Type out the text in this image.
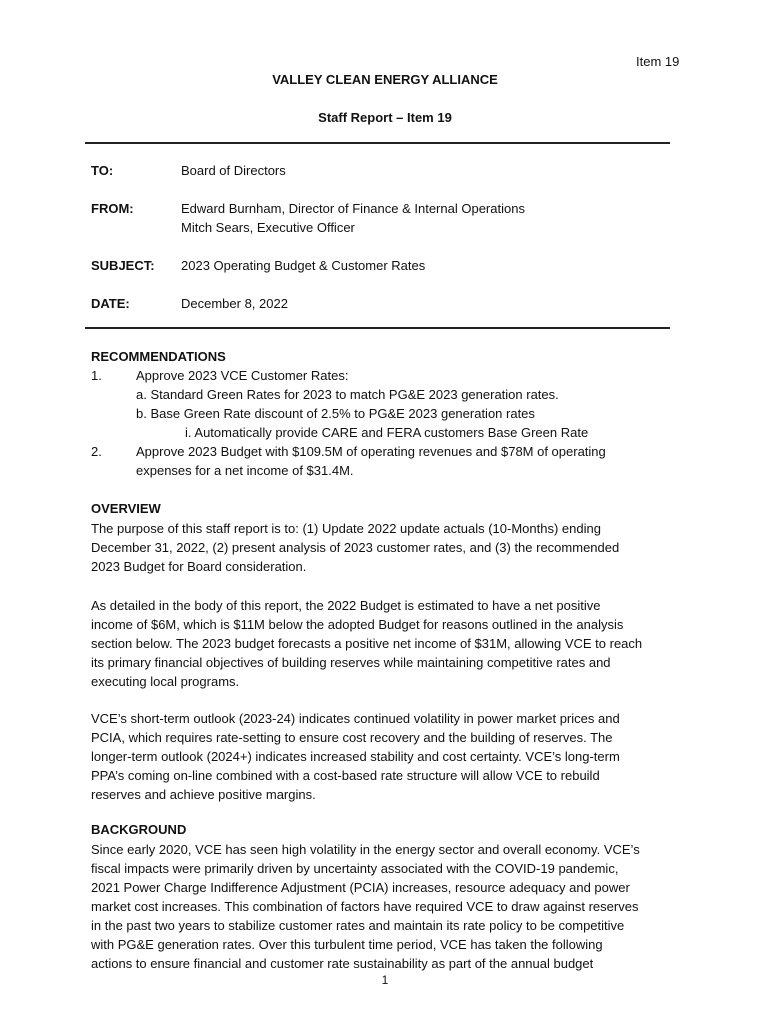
Item 19
VALLEY CLEAN ENERGY ALLIANCE
Staff Report – Item 19
TO:	Board of Directors
FROM:	Edward Burnham, Director of Finance & Internal Operations
Mitch Sears, Executive Officer
SUBJECT: 2023 Operating Budget & Customer Rates
DATE:	December 8, 2022
RECOMMENDATIONS
1.	Approve 2023 VCE Customer Rates:
a. Standard Green Rates for 2023 to match PG&E 2023 generation rates.
b. Base Green Rate discount of 2.5% to PG&E 2023 generation rates
i. Automatically provide CARE and FERA customers Base Green Rate
2.	Approve 2023 Budget with $109.5M of operating revenues and $78M of operating
expenses for a net income of $31.4M.
OVERVIEW
The purpose of this staff report is to: (1) Update 2022 update actuals (10-Months) ending
December 31, 2022, (2) present analysis of 2023 customer rates, and (3) the recommended
2023 Budget for Board consideration.
As detailed in the body of this report, the 2022 Budget is estimated to have a net positive
income of $6M, which is $11M below the adopted Budget for reasons outlined in the analysis
section below. The 2023 budget forecasts a positive net income of $31M, allowing VCE to reach
its primary financial objectives of building reserves while maintaining competitive rates and
executing local programs.
VCE’s short-term outlook (2023-24) indicates continued volatility in power market prices and
PCIA, which requires rate-setting to ensure cost recovery and the building of reserves. The
longer-term outlook (2024+) indicates increased stability and cost certainty. VCE’s long-term
PPA’s coming on-line combined with a cost-based rate structure will allow VCE to rebuild
reserves and achieve positive margins.
BACKGROUND
Since early 2020, VCE has seen high volatility in the energy sector and overall economy. VCE’s
fiscal impacts were primarily driven by uncertainty associated with the COVID-19 pandemic,
2021 Power Charge Indifference Adjustment (PCIA) increases, resource adequacy and power
market cost increases. This combination of factors have required VCE to draw against reserves
in the past two years to stabilize customer rates and maintain its rate policy to be competitive
with PG&E generation rates. Over this turbulent time period, VCE has taken the following
actions to ensure financial and customer rate sustainability as part of the annual budget
1
